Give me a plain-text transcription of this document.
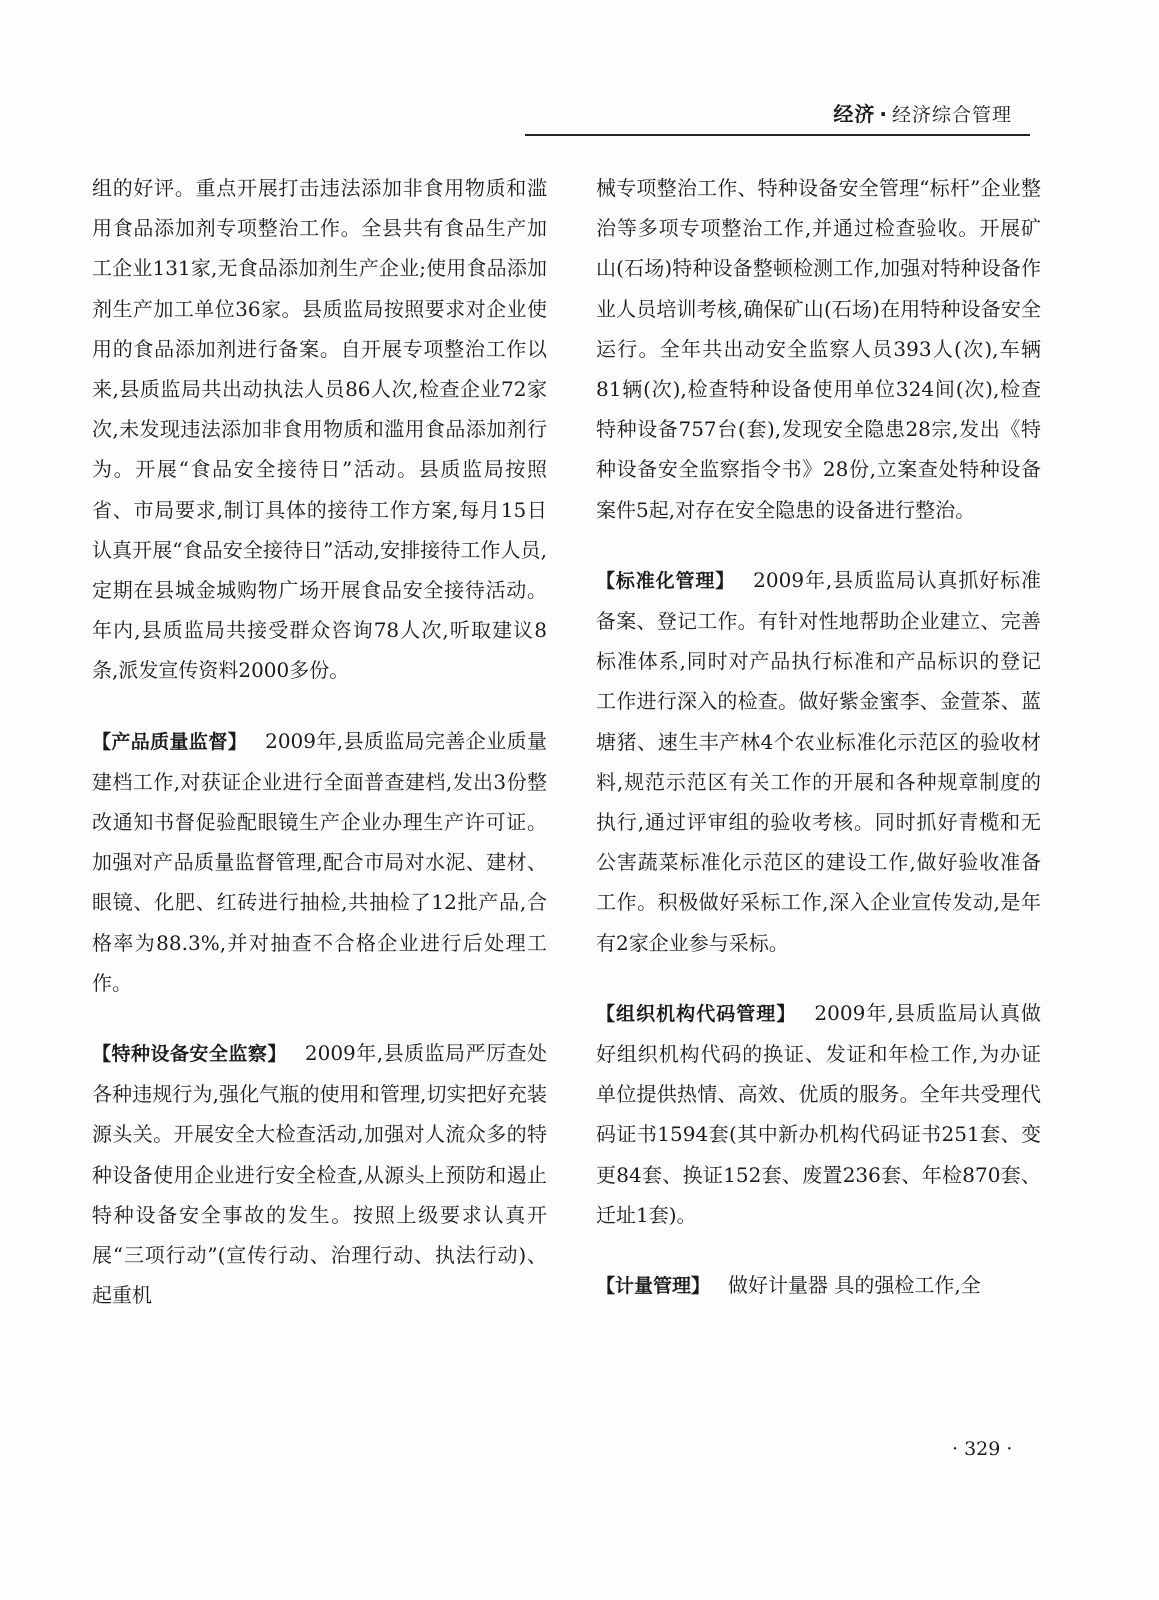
经济 · 经济综合管理

组的好评。重点开展打击违法添加非食用物质和滥用食品添加剂专项整治工作。全县共有食品生产加工企业131家,无食品添加剂生产企业;使用食品添加剂生产加工单位36家。县质监局按照要求对企业使用的食品添加剂进行备案。自开展专项整治工作以来,县质监局共出动执法人员86人次,检查企业72家次,未发现违法添加非食用物质和滥用食品添加剂行为。开展“食品安全接待日”活动。县质监局按照省、市局要求,制订具体的接待工作方案,每月15日认真开展“食品安全接待日”活动,安排接待工作人员,定期在县城金城购物广场开展食品安全接待活动。年内,县质监局共接受群众咨询78人次,听取建议8条,派发宣传资料2000多份。

【产品质量监督】 2009年,县质监局完善企业质量建档工作,对获证企业进行全面普查建档,发出3份整改通知书督促验配眼镜生产企业办理生产许可证。加强对产品质量监督管理,配合市局对水泥、建材、眼镜、化肥、红砖进行抽检,共抽检了12批产品,合格率为88.3%,并对抽查不合格企业进行后处理工作。

【特种设备安全监察】 2009年,县质监局严厉查处各种违规行为,强化气瓶的使用和管理,切实把好充装源头关。开展安全大检查活动,加强对人流众多的特种设备使用企业进行安全检查,从源头上预防和遏止特种设备安全事故的发生。按照上级要求认真开展“三项行动”(宣传行动、治理行动、执法行动)、起重机

械专项整治工作、特种设备安全管理“标杆”企业整治等多项专项整治工作,并通过检查验收。开展矿山(石场)特种设备整顿检测工作,加强对特种设备作业人员培训考核,确保矿山(石场)在用特种设备安全运行。全年共出动安全监察人员393人(次),车辆81辆(次),检查特种设备使用单位324间(次),检查特种设备757台(套),发现安全隐患28宗,发出《特种设备安全监察指令书》28份,立案查处特种设备案件5起,对存在安全隐患的设备进行整治。

【标准化管理】 2009年,县质监局认真抓好标准备案、登记工作。有针对性地帮助企业建立、完善标准体系,同时对产品执行标准和产品标识的登记工作进行深入的检查。做好紫金蜜李、金萱茶、蓝塘猪、速生丰产林4个农业标准化示范区的验收材料,规范示范区有关工作的开展和各种规章制度的执行,通过评审组的验收考核。同时抓好青榄和无公害蔬菜标准化示范区的建设工作,做好验收准备工作。积极做好采标工作,深入企业宣传发动,是年有2家企业参与采标。

【组织机构代码管理】 2009年,县质监局认真做好组织机构代码的换证、发证和年检工作,为办证单位提供热情、高效、优质的服务。全年共受理代码证书1594套(其中新办机构代码证书251套、变更84套、换证152套、废置236套、年检870套、迁址1套)。

【计量管理】 做好计量器 具的强检工作,全

· 329 ·
